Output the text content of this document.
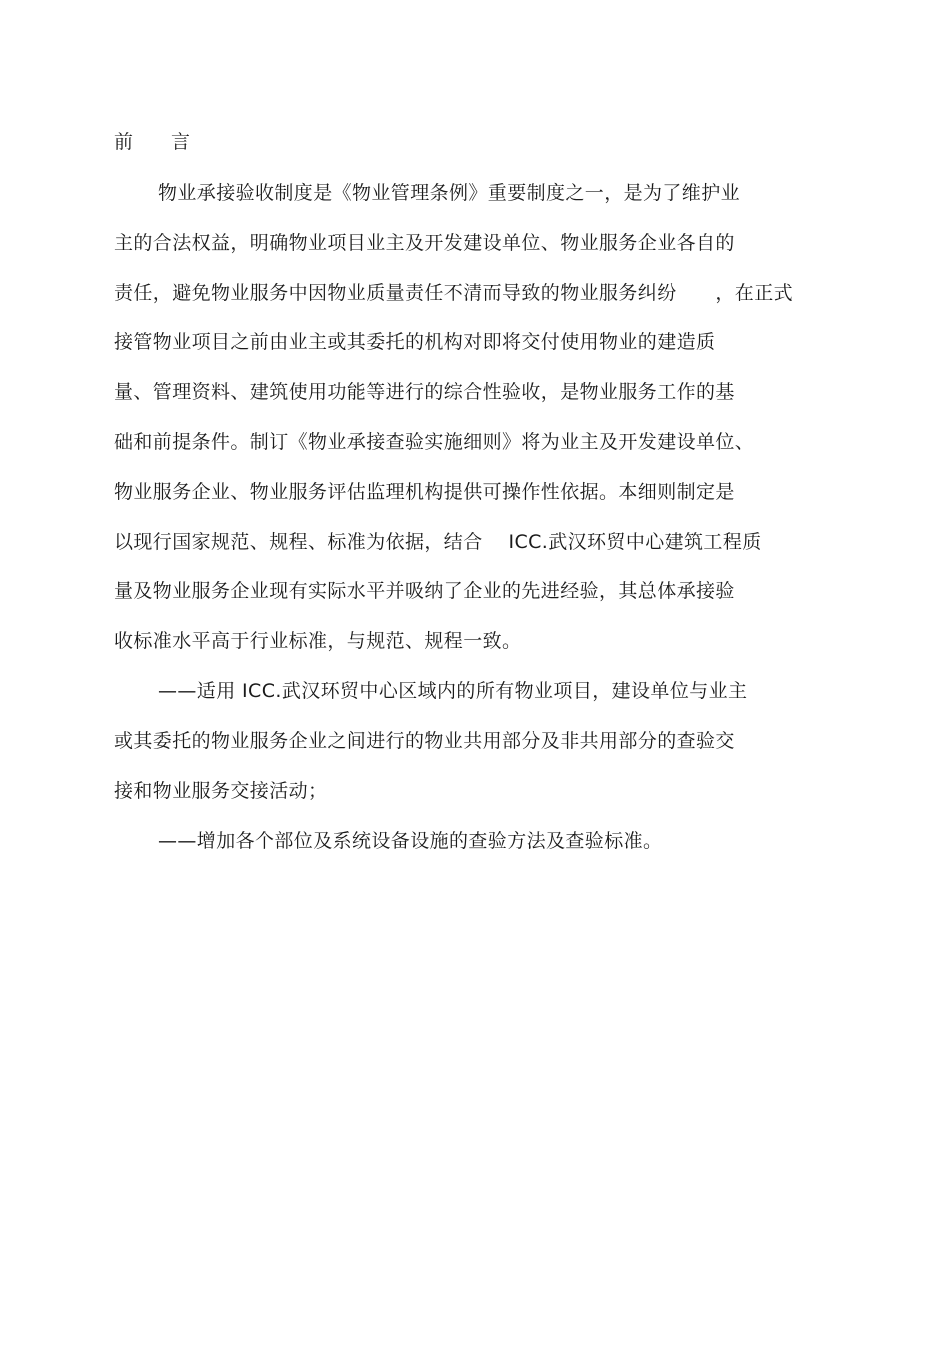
前　　言
物业承接验收制度是《物业管理条例》重要制度之一，是为了维护业
主的合法权益，明确物业项目业主及开发建设单位、物业服务企业各自的
责任，避免物业服务中因物业质量责任不清而导致的物业服务纠纷　　，在正式
接管物业项目之前由业主或其委托的机构对即将交付使用物业的建造质
量、管理资料、建筑使用功能等进行的综合性验收，是物业服务工作的基
础和前提条件。制订《物业承接查验实施细则》将为业主及开发建设单位、
物业服务企业、物业服务评估监理机构提供可操作性依据。本细则制定是
以现行国家规范、规程、标准为依据，结合　 ICC.武汉环贸中心建筑工程质
量及物业服务企业现有实际水平并吸纳了企业的先进经验，其总体承接验
收标准水平高于行业标准，与规范、规程一致。
——适用 ICC.武汉环贸中心区域内的所有物业项目，建设单位与业主
或其委托的物业服务企业之间进行的物业共用部分及非共用部分的查验交
接和物业服务交接活动；
——增加各个部位及系统设备设施的查验方法及查验标准。
